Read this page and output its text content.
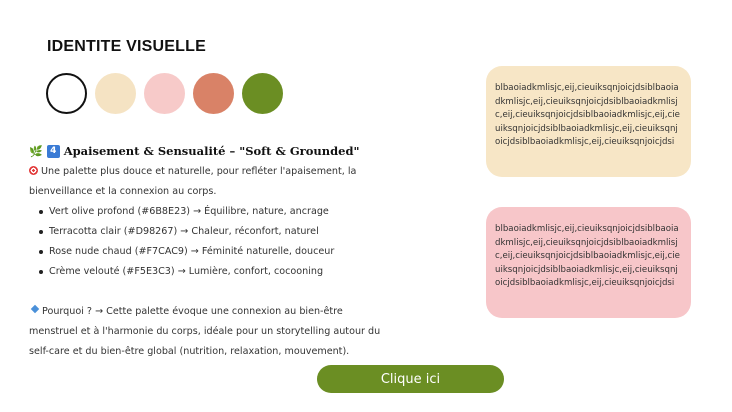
IDENTITE VISUELLE
🌿 4 Apaisement & Sensualité – "Soft & Grounded"

Une palette plus douce et naturelle, pour refléter l'apaisement, la bienveillance et la connexion au corps.

Vert olive profond (#6B8E23) → Équilibre, nature, ancrage
Terracotta clair (#D98267) → Chaleur, réconfort, naturel
Rose nude chaud (#F7CAC9) → Féminité naturelle, douceur
Crème velouté (#F5E3C3) → Lumière, confort, cocooning

Pourquoi ? → Cette palette évoque une connexion au bien-être menstruel et à l'harmonie du corps, idéale pour un storytelling autour du self-care et du bien-être global (nutrition, relaxation, mouvement).

blbaoiadkmlisjc,eij,cieuiksqnjoicjdsiblbaoiadkmlisjc,eij,cieuiksqnjoicjdsiblbaoiadkmlisjc,eij,cieuiksqnjoicjdsiblbaoiadkmlisjc,eij,cieuiksqnjoicjdsiblbaoiadkmlisjc,eij,cieuiksqnjoicjdsiblbaoiadkmlisjc,eij,cieuiksqnjoicjdsi
blbaoiadkmlisjc,eij,cieuiksqnjoicjdsiblbaoiadkmlisjc,eij,cieuiksqnjoicjdsiblbaoiadkmlisjc,eij,cieuiksqnjoicjdsiblbaoiadkmlisjc,eij,cieuiksqnjoicjdsiblbaoiadkmlisjc,eij,cieuiksqnjoicjdsiblbaoiadkmlisjc,eij,cieuiksqnjoicjdsi
Clique ici
